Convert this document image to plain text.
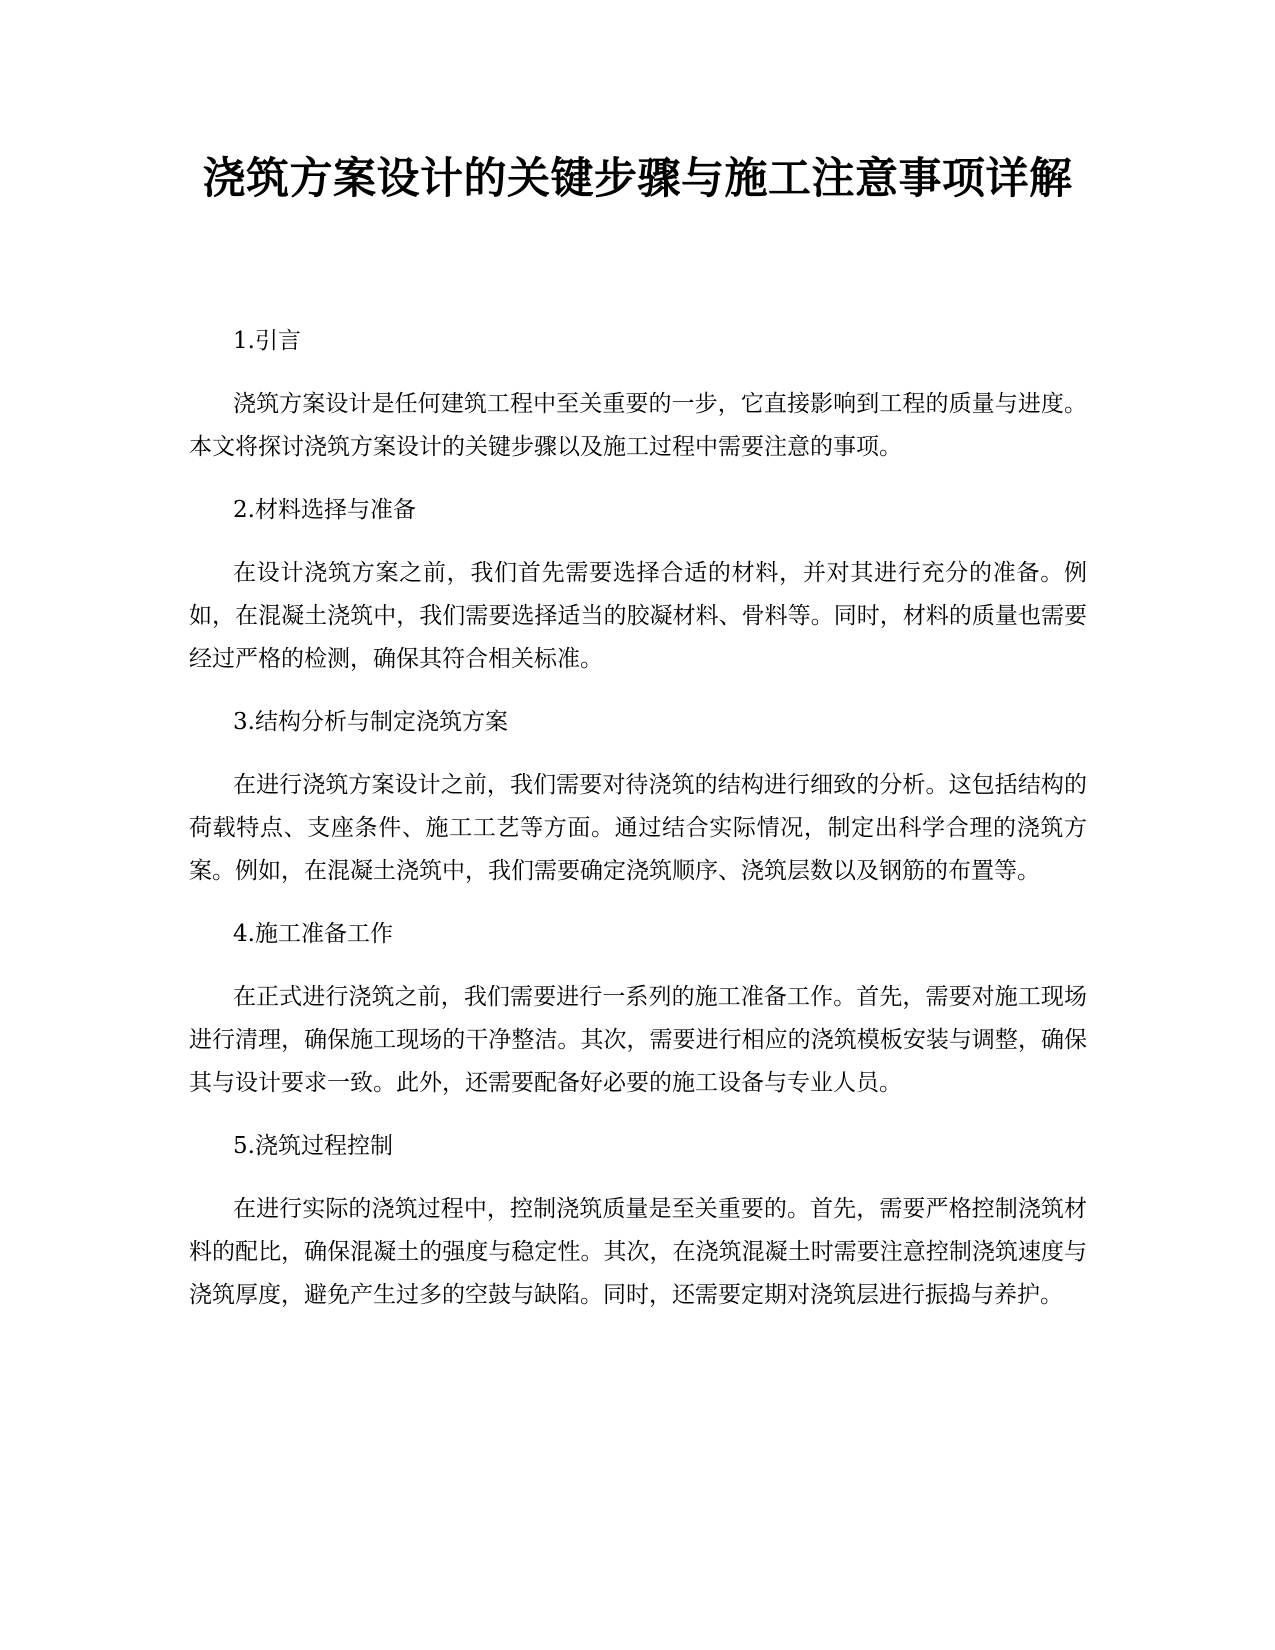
浇筑方案设计的关键步骤与施工注意事项详解

1.引言

浇筑方案设计是任何建筑工程中至关重要的一步，它直接影响到工程的质量与进度。本文将探讨浇筑方案设计的关键步骤以及施工过程中需要注意的事项。

2.材料选择与准备

在设计浇筑方案之前，我们首先需要选择合适的材料，并对其进行充分的准备。例如，在混凝土浇筑中，我们需要选择适当的胶凝材料、骨料等。同时，材料的质量也需要经过严格的检测，确保其符合相关标准。

3.结构分析与制定浇筑方案

在进行浇筑方案设计之前，我们需要对待浇筑的结构进行细致的分析。这包括结构的荷载特点、支座条件、施工工艺等方面。通过结合实际情况，制定出科学合理的浇筑方案。例如，在混凝土浇筑中，我们需要确定浇筑顺序、浇筑层数以及钢筋的布置等。

4.施工准备工作

在正式进行浇筑之前，我们需要进行一系列的施工准备工作。首先，需要对施工现场进行清理，确保施工现场的干净整洁。其次，需要进行相应的浇筑模板安装与调整，确保其与设计要求一致。此外，还需要配备好必要的施工设备与专业人员。

5.浇筑过程控制

在进行实际的浇筑过程中，控制浇筑质量是至关重要的。首先，需要严格控制浇筑材料的配比，确保混凝土的强度与稳定性。其次，在浇筑混凝土时需要注意控制浇筑速度与浇筑厚度，避免产生过多的空鼓与缺陷。同时，还需要定期对浇筑层进行振捣与养护。
